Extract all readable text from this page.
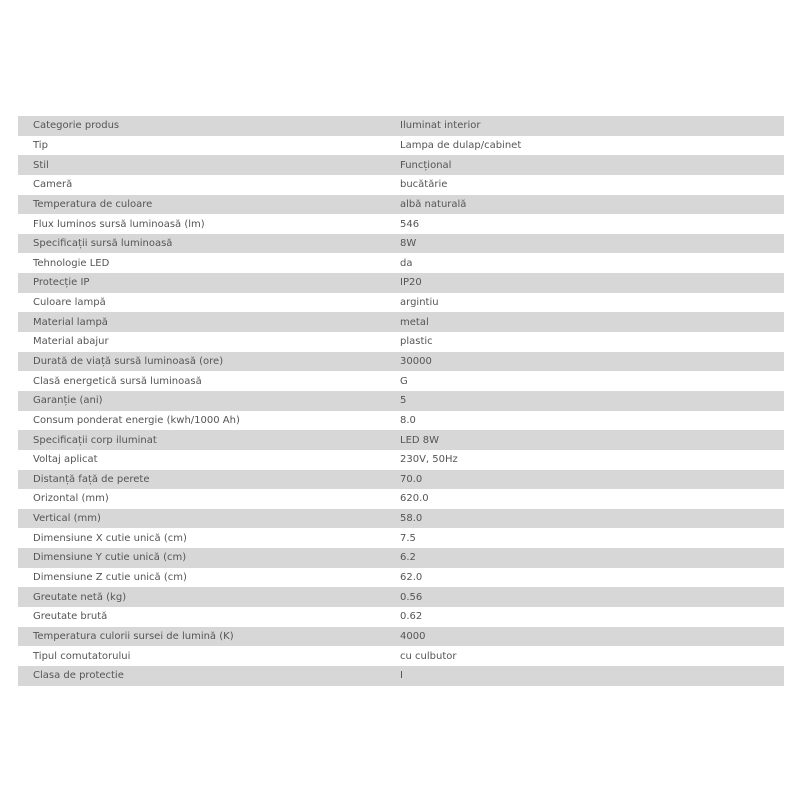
Categorie produs	Iluminat interior
Tip	Lampa de dulap/cabinet
Stil	Funcțional
Cameră	bucătărie
Temperatura de culoare	albă naturală
Flux luminos sursă luminoasă (lm)	546
Specificații sursă luminoasă	8W
Tehnologie LED	da
Protecție IP	IP20
Culoare lampă	argintiu
Material lampă	metal
Material abajur	plastic
Durată de viață sursă luminoasă (ore)	30000
Clasă energetică sursă luminoasă	G
Garanție (ani)	5
Consum ponderat energie (kwh/1000 Ah)	8.0
Specificații corp iluminat	LED 8W
Voltaj aplicat	230V, 50Hz
Distanță față de perete	70.0
Orizontal (mm)	620.0
Vertical (mm)	58.0
Dimensiune X cutie unică (cm)	7.5
Dimensiune Y cutie unică (cm)	6.2
Dimensiune Z cutie unică (cm)	62.0
Greutate netă (kg)	0.56
Greutate brută	0.62
Temperatura culorii sursei de lumină (K)	4000
Tipul comutatorului	cu culbutor
Clasa de protectie	I
